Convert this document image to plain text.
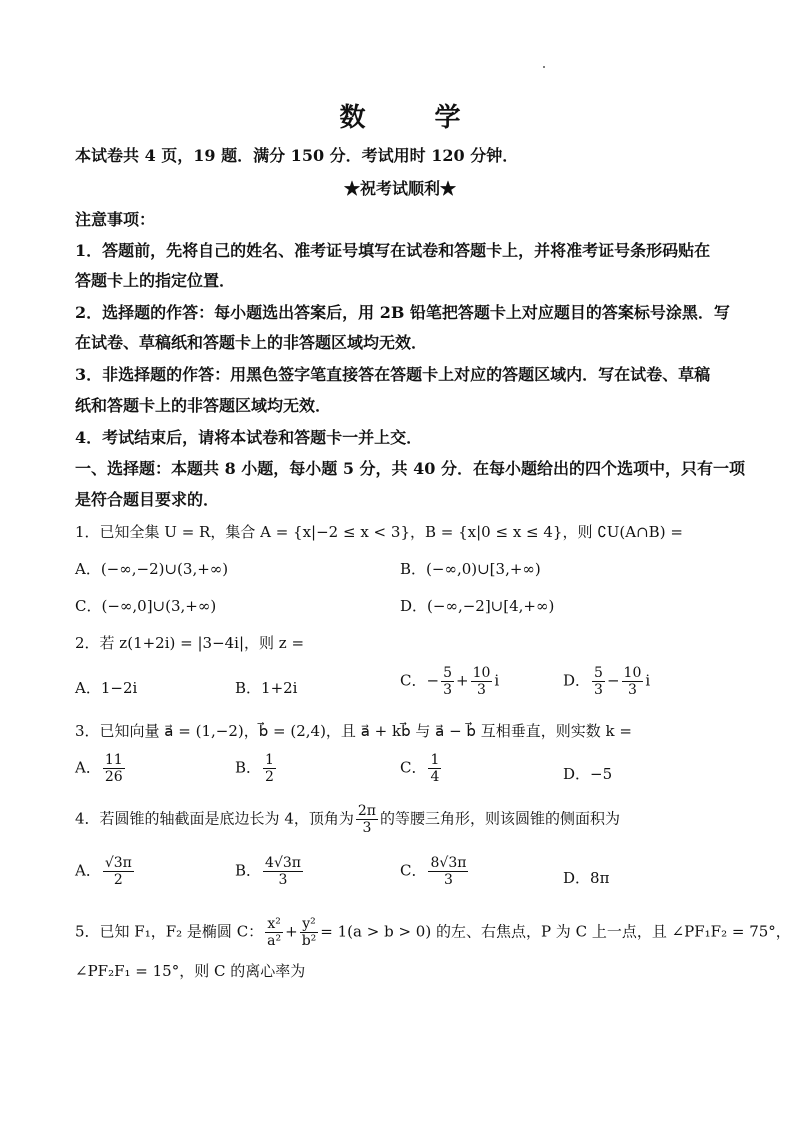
数 学
本试卷共 4 页，19 题．满分 150 分．考试用时 120 分钟．
★祝考试顺利★
注意事项：
1．答题前，先将自己的姓名、准考证号填写在试卷和答题卡上，并将准考证号条形码贴在
答题卡上的指定位置．
2．选择题的作答：每小题选出答案后，用 2B 铅笔把答题卡上对应题目的答案标号涂黑．写
在试卷、草稿纸和答题卡上的非答题区域均无效．
3．非选择题的作答：用黑色签字笔直接答在答题卡上对应的答题区域内．写在试卷、草稿
纸和答题卡上的非答题区域均无效．
4．考试结束后，请将本试卷和答题卡一并上交．
一、选择题：本题共 8 小题，每小题 5 分，共 40 分．在每小题给出的四个选项中，只有一项
是符合题目要求的．
1．已知全集 U = R，集合 A = {x|−2 ≤ x < 3}，B = {x|0 ≤ x ≤ 4}，则 ∁U(A∩B) =
A．(−∞,−2)∪(3,+∞)	B．(−∞,0)∪[3,+∞)
C．(−∞,0]∪(3,+∞)	D．(−∞,−2]∪[4,+∞)
2．若 z(1+2i) = |3−4i|，则 z =
A．1−2i	B．1+2i	C．− $\frac{5}{3} + \frac{10}{3}$ i	D． $\frac{5}{3} - \frac{10}{3}$ i
3．已知向量 a⃗ = (1,−2)，b⃗ = (2,4)，且 a⃗ + kb⃗ 与 a⃗ − b⃗ 互相垂直，则实数 k =
A． $\frac{11}{26}$	B． $\frac{1}{2}$	C． $\frac{1}{4}$	D．−5
4．若圆锥的轴截面是底边长为 4，顶角为 $\frac{2\pi}{3}$ 的等腰三角形，则该圆锥的侧面积为
A． $\frac{√3\pi}{2}$	B． $\frac{4√3\pi}{3}$	C． $\frac{8√3\pi}{3}$	D．8π
5．已知 F₁，F₂ 是椭圆 C： $\frac{\text{x²}}{\text{a²}} + \frac{\text{y²}}{\text{b²}} = 1(a > b > 0)$ 的左、右焦点，P 为 C 上一点，且 ∠PF₁F₂ = 75°，
∠PF₂F₁ = 15°，则 C 的离心率为
